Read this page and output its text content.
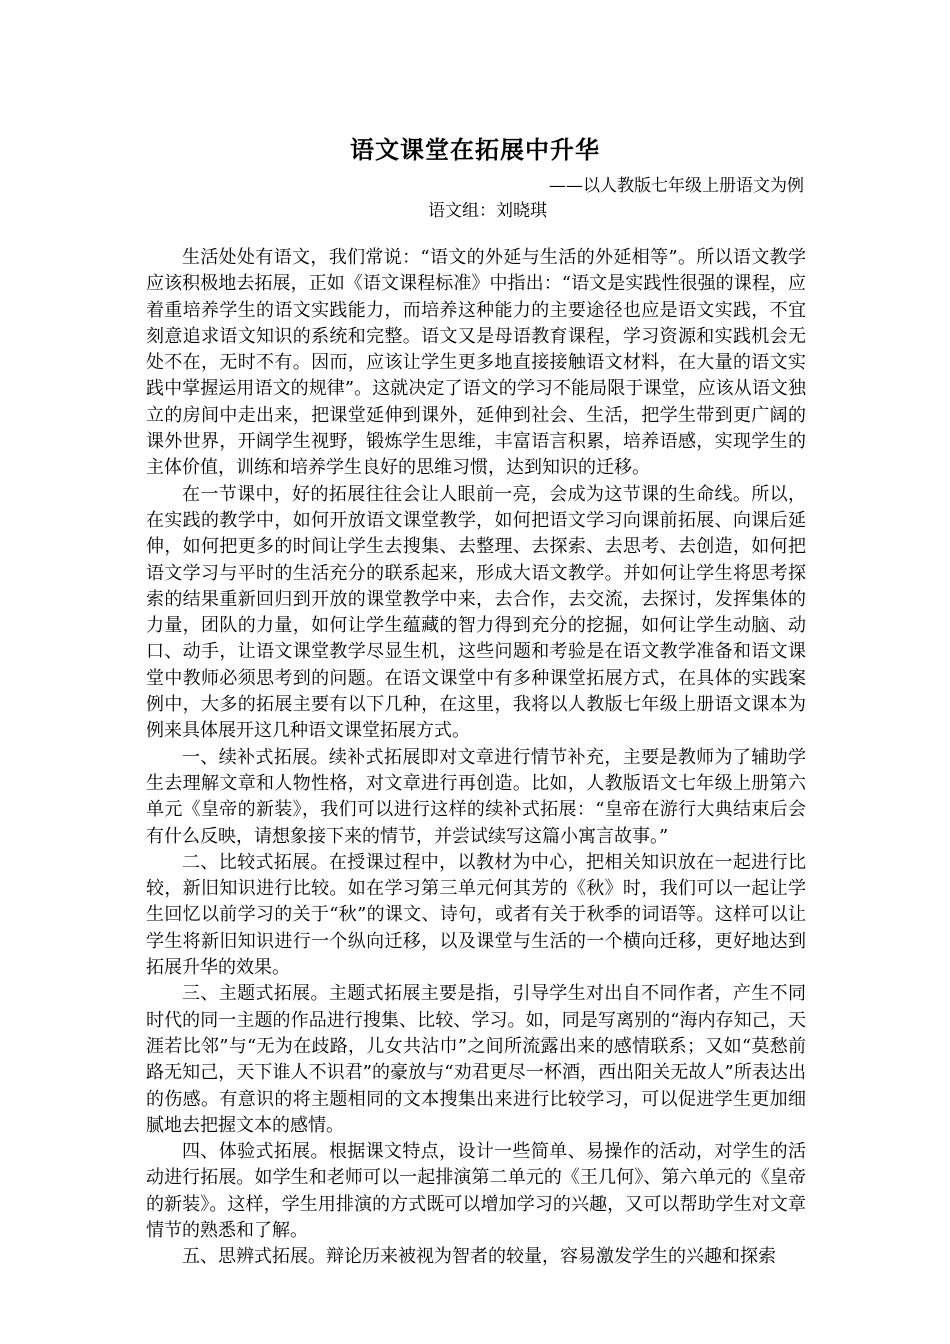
语文课堂在拓展中升华
——以人教版七年级上册语文为例
语文组：刘晓琪

生活处处有语文，我们常说：“语文的外延与生活的外延相等”。所以语文教学应该积极地去拓展，正如《语文课程标准》中指出：“语文是实践性很强的课程，应着重培养学生的语文实践能力，而培养这种能力的主要途径也应是语文实践，不宜刻意追求语文知识的系统和完整。语文又是母语教育课程，学习资源和实践机会无处不在，无时不有。因而，应该让学生更多地直接接触语文材料，在大量的语文实践中掌握运用语文的规律”。这就决定了语文的学习不能局限于课堂，应该从语文独立的房间中走出来，把课堂延伸到课外，延伸到社会、生活，把学生带到更广阔的课外世界，开阔学生视野，锻炼学生思维，丰富语言积累，培养语感，实现学生的主体价值，训练和培养学生良好的思维习惯，达到知识的迁移。

在一节课中，好的拓展往往会让人眼前一亮，会成为这节课的生命线。所以，在实践的教学中，如何开放语文课堂教学，如何把语文学习向课前拓展、向课后延伸，如何把更多的时间让学生去搜集、去整理、去探索、去思考、去创造，如何把语文学习与平时的生活充分的联系起来，形成大语文教学。并如何让学生将思考探索的结果重新回归到开放的课堂教学中来，去合作，去交流，去探讨，发挥集体的力量，团队的力量，如何让学生蕴藏的智力得到充分的挖掘，如何让学生动脑、动口、动手，让语文课堂教学尽显生机，这些问题和考验是在语文教学准备和语文课堂中教师必须思考到的问题。在语文课堂中有多种课堂拓展方式，在具体的实践案例中，大多的拓展主要有以下几种，在这里，我将以人教版七年级上册语文课本为例来具体展开这几种语文课堂拓展方式。

一、续补式拓展。续补式拓展即对文章进行情节补充，主要是教师为了辅助学生去理解文章和人物性格，对文章进行再创造。比如，人教版语文七年级上册第六单元《皇帝的新装》，我们可以进行这样的续补式拓展：“皇帝在游行大典结束后会有什么反映，请想象接下来的情节，并尝试续写这篇小寓言故事。”

二、比较式拓展。在授课过程中，以教材为中心，把相关知识放在一起进行比较，新旧知识进行比较。如在学习第三单元何其芳的《秋》时，我们可以一起让学生回忆以前学习的关于“秋”的课文、诗句，或者有关于秋季的词语等。这样可以让学生将新旧知识进行一个纵向迁移，以及课堂与生活的一个横向迁移，更好地达到拓展升华的效果。

三、主题式拓展。主题式拓展主要是指，引导学生对出自不同作者，产生不同时代的同一主题的作品进行搜集、比较、学习。如，同是写离别的“海内存知己，天涯若比邻”与“无为在歧路，儿女共沾巾”之间所流露出来的感情联系；又如“莫愁前路无知己，天下谁人不识君”的豪放与“劝君更尽一杯酒，西出阳关无故人”所表达出的伤感。有意识的将主题相同的文本搜集出来进行比较学习，可以促进学生更加细腻地去把握文本的感情。

四、体验式拓展。根据课文特点，设计一些简单、易操作的活动，对学生的活动进行拓展。如学生和老师可以一起排演第二单元的《王几何》、第六单元的《皇帝的新装》。这样，学生用排演的方式既可以增加学习的兴趣，又可以帮助学生对文章情节的熟悉和了解。

五、思辨式拓展。辩论历来被视为智者的较量，容易激发学生的兴趣和探索
